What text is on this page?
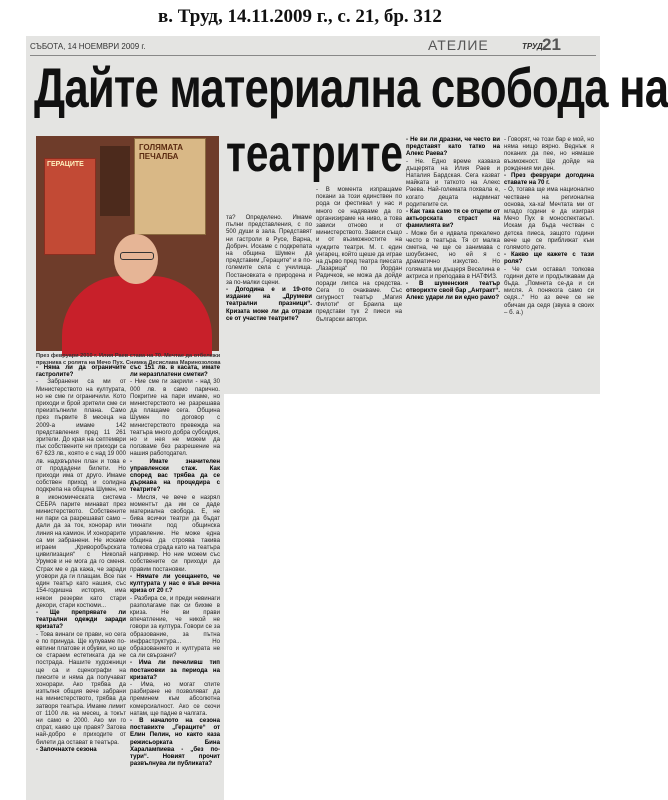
в. Труд, 14.11.2009 г., с. 21, бр. 312
СЪБОТА, 14 НОЕМВРИ 2009 г.	АТЕЛИЕ	ТРУД 21
Дайте материална свобода на
театрите
ГЕРАЦИТЕ
ГОЛЯМАТА ПЕЧАЛБА
През февруари 2010 г. Илия Раев става на 70. Мечтае да отбележи празника с ролята на Мечо Пух. Снимка Десислава Маринозолова

та? Определено. Имаме пълни представления, с по 500 души в зала. Представят ни гастроли в Русе, Варна, Добрич. Искаме с подкрепата на община Шумен да представим „Гераците“ и в по-големите села с училища. Постановката е природена и за по-малки сцени.

- Догодина е и 19-ото издание на „Друмеви театрални празници“. Кризата може ли да отрази се от участие театрите?

- В момента изпращаме покани за този единствен по рода си фестивал у нас и много се надяваме да го организираме на ниво, а това зависи отново и от министерството. Зависи също и от възможностите на чуждите театри. М. г. един унгарец, който щеше да играе на дърво пред театра пиесата „Лазарица“ по Йордан Радичков, не можа да дойде поради липса на средства. Сега го очакваме. Със сигурност театър „Магия Филоти“ от Браила ще представи тук 2 пиеси на български автори.

- Не ви ли дразни, че често ви представят като татко на Алекс Раева?

- Не. Едно време казваха дъщерята на Илия Раев и Наталия Бардская. Сега казват майката и таткото на Алекс Раева. Най-големата похвала е, когато децата надминат родителите си.

- Как така само тя се отцепи от актьорската страст на фамилията ви?

- Може би е идвала прекалено често в театъра. Тя от малка сметна, че ще се занимава с шоубизнес, но ей я с драматично изкуство. Но голямата ми дъщеря Веселина е актриса и преподава в НАТФИЗ.

- В шуменския театър отворихте свой бар „Антракт“. Алекс удари ли ви едно рамо?

- Говорят, че този бар е мой, но няма нищо вярно. Веднъж я поканих да пее, но нямаше възможност. Ще дойде на рождения ми ден.

- През февруари догодина ставате на 70 г.

- О, тогава ще има национално честване на регионална основа, ха-ха! Мечтата ми от младо години е да изиграя Мечо Пух в моноспектакъл. Искам да бъда честван с детска пиеса, защото години вече ще се приближат към голямото дете.

- Какво ще кажете с тази роля?

- Че съм оставал толкова години дете и продължавам да бъда. „Помнета се-да и си мисля. А понякога само си седя...“ Но аз вече се не обичам да седя (звука в своих – б. а.)

- Няма ли да ограничите гастролите?

- Забранени са ми от Министерството на културата, но не сме ги ограничили. Кото приходи и брой зрители сме си преизпълнили плана. Само през първите 8 месеца на 2009-а имаме 142 представления пред 11 261 зрители. До края на септември пък собствените ни приходи са 67 623 лв., която е с над 19 000 лв. надхвърлен план и това е от продадени билети. Но приходи има от друго. Имаме собствен приход и солидна подкрепа на община Шумен, но в икономическата система СЕБРА парите минават през министерството. Собствените ни пари са разрешават само – дали да за ток, хонорар или линия на камион. И хонорарите са ми забранени. Не искаме играем „Криворобърската цивилизация“ с Николай Урумов и не мога да го сменя. Страх ме е да кажа, че заради уговори да ги плащам. Все пак един театър като нашия, със 154-годишна история, има някои резерви като стари декори, стари костюми...

- Ще препрявате ли театрални одежди заради кризата?

- Това винаги се прави, но сега е по принуда. Ще купуваме по-евтини платове и обувки, но ще се стараем естетиката да не пострада. Нашите художници ще са и сценографи на пиесите и няма да получават хонорари. Ако трябва да изпълня общия вече забрани на министерството, трябва да затворя театъра. Имаме лимит от 1100 лв. на месец, а токът ни само е 2000. Ако ми го спрат, какво ще правя? Затова най-добро е приходите от билети да остават в театъра.

- Започнахте сезона

със 151 лв. в касата, имате ли неразплатени сметки?

- Ние сме ги закрили - над 30 000 лв. в само парично. Покритие на пари имаме, но министерството не разрешава да плащаме сега. Община Шумен по договор с министерството превежда на театъра много добра субсидия, но и нея не можем да ползваме без разрешение на нашия работодател.

- Имате значителен управленски стаж. Как според вас трябва да се държава на процедира с театрите?

- Мисля, че вече е назрял моментът да им се даде материална свобода. Е, не бива всички театри да бъдат тикнати под общинска управление. Не може една община да строява такива толкова сграда като на театъра например. Но ние можем със собствените си приходи да правим постановки.

- Нямате ли усещането, че културата у нас е във вечна криза от 20 г.?

- Разбира се, и преди невинаги разполагаме пак си бихме в криза. Не ви прави впечатление, че никой не говори за култура. Говори се за образование, за пътна инфраструктура... Но образованието и културата не са ли свързани?

- Има ли печеливш тип постановки за периода на кризата?

- Има, но могат спите разбиране не позволяват да преминем към абсолютна комерсиалност. Ако се скочи натам, ще падне в чалгата.

- В началото на сезона поставихте „Гераците“ от Елин Пелин, но както каза режисьорката Бина Харалампиева - „без по-тури“. Новият прочит развълнува ли публиката?
